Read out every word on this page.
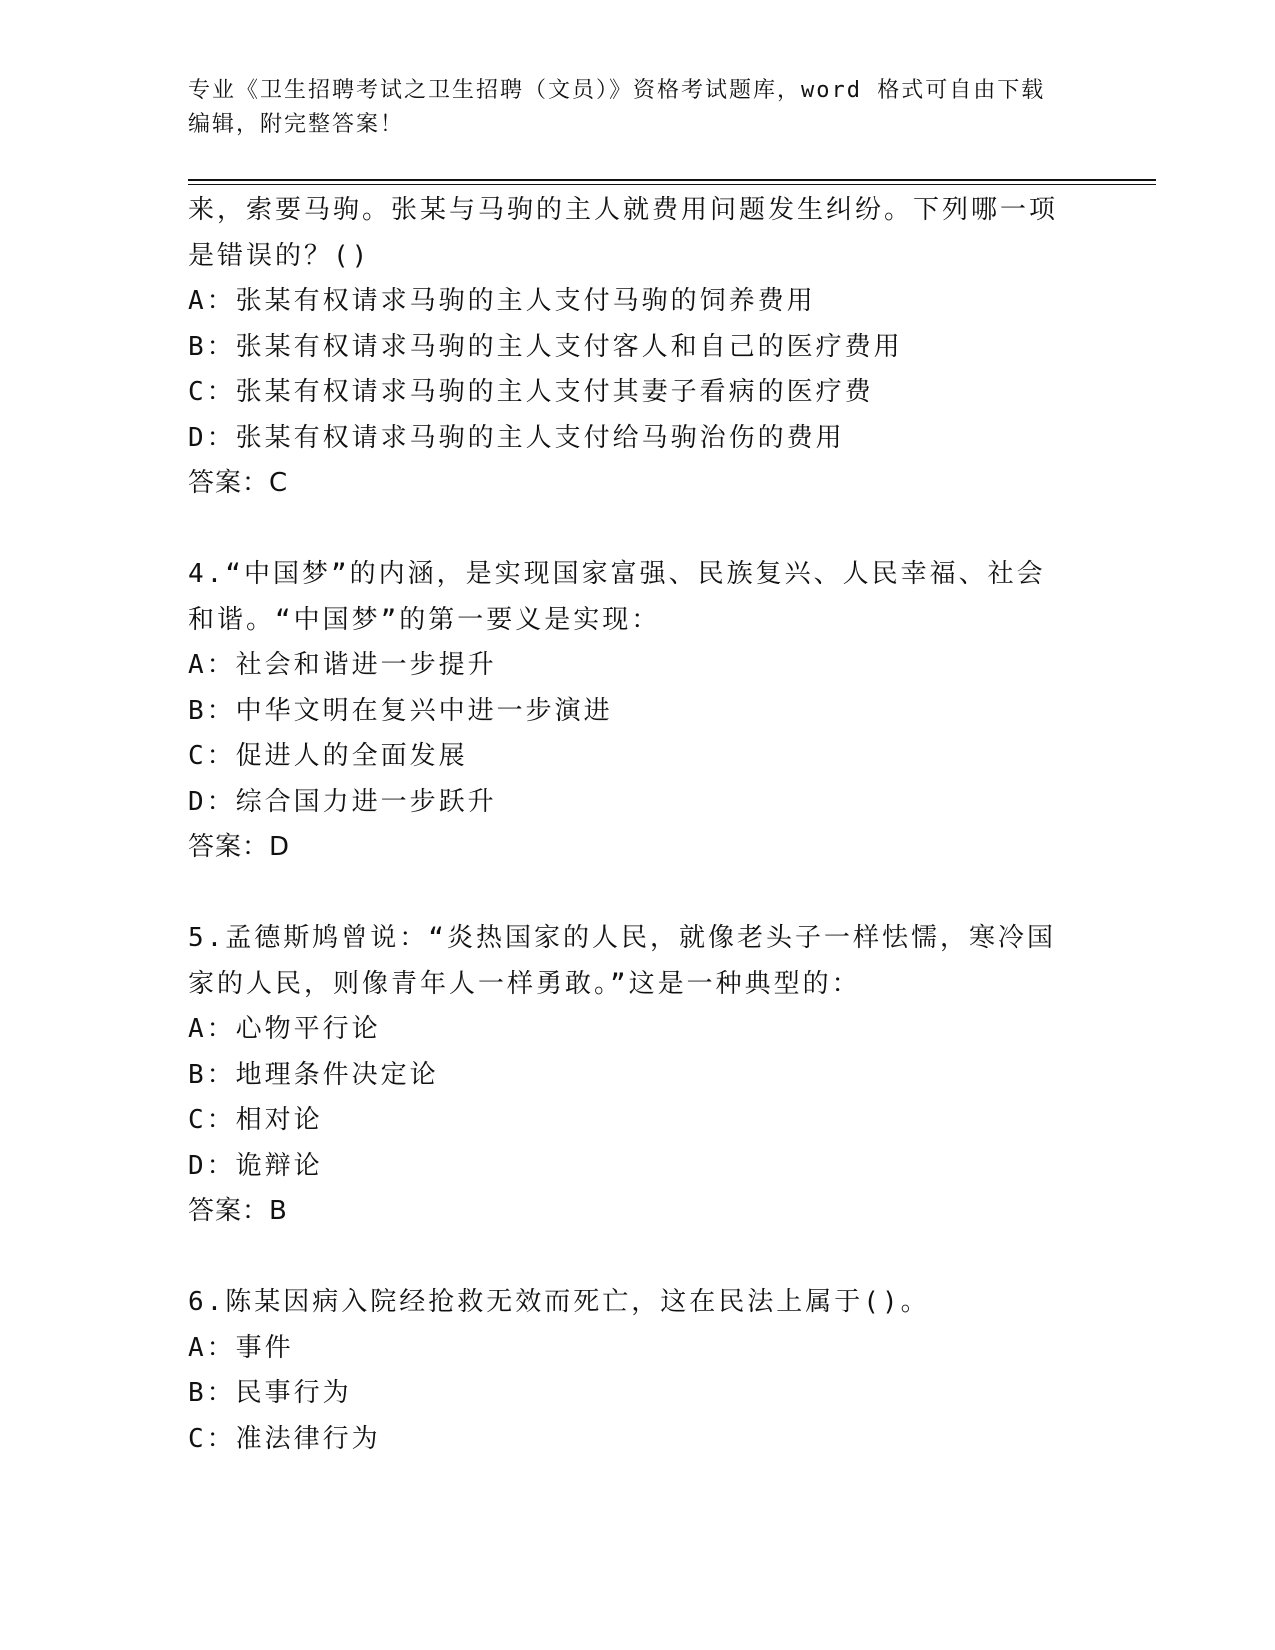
专业《卫生招聘考试之卫生招聘（文员）》资格考试题库，word 格式可自由下载
编辑，附完整答案！
来，索要马驹。张某与马驹的主人就费用问题发生纠纷。下列哪一项
是错误的？()
A：张某有权请求马驹的主人支付马驹的饲养费用
B：张某有权请求马驹的主人支付客人和自己的医疗费用
C：张某有权请求马驹的主人支付其妻子看病的医疗费
D：张某有权请求马驹的主人支付给马驹治伤的费用
答案：C
4.“中国梦”的内涵，是实现国家富强、民族复兴、人民幸福、社会
和谐。“中国梦”的第一要义是实现：
A：社会和谐进一步提升
B：中华文明在复兴中进一步演进
C：促进人的全面发展
D：综合国力进一步跃升
答案：D
5.孟德斯鸠曾说：“炎热国家的人民，就像老头子一样怯懦，寒冷国
家的人民，则像青年人一样勇敢。”这是一种典型的：
A：心物平行论
B：地理条件决定论
C：相对论
D：诡辩论
答案：B
6.陈某因病入院经抢救无效而死亡，这在民法上属于()。
A：事件
B：民事行为
C：准法律行为
